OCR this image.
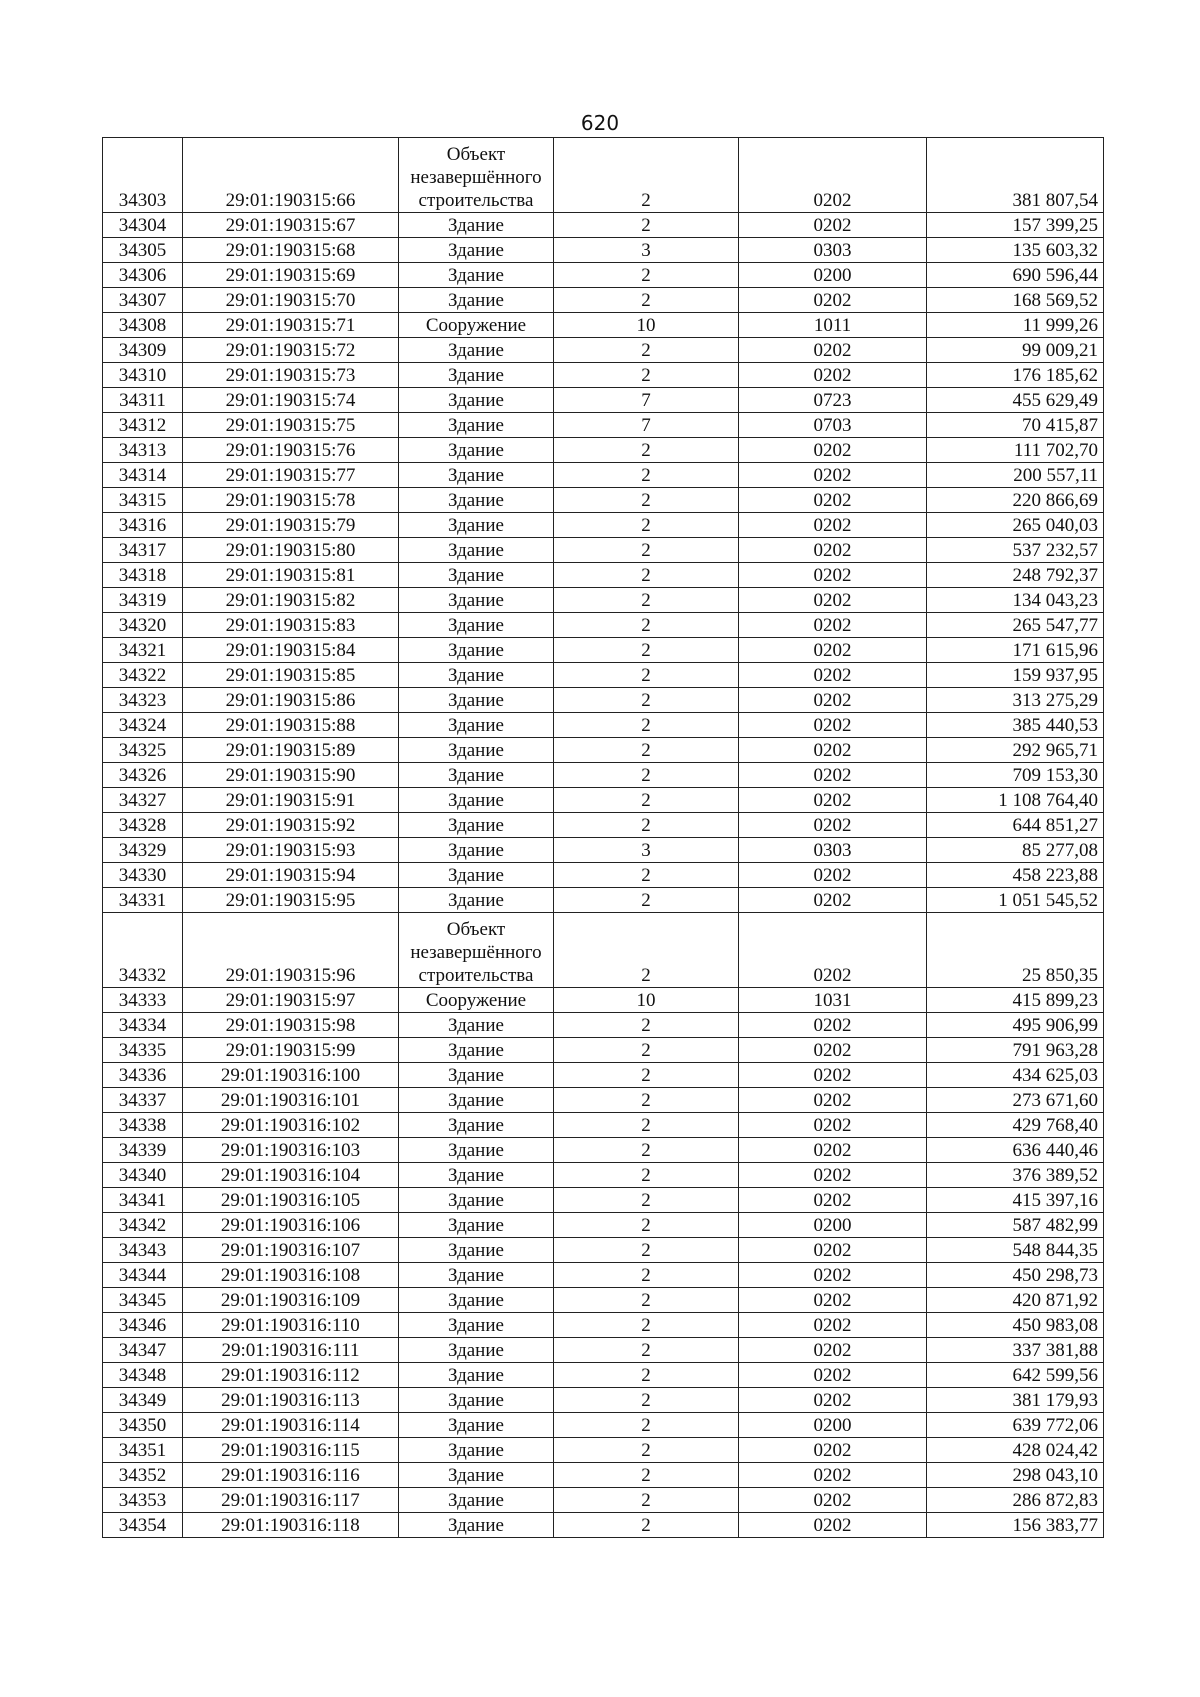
620
34303	29:01:190315:66	Объект незавершённого строительства	2	0202	381 807,54
34304	29:01:190315:67	Здание	2	0202	157 399,25
34305	29:01:190315:68	Здание	3	0303	135 603,32
34306	29:01:190315:69	Здание	2	0200	690 596,44
34307	29:01:190315:70	Здание	2	0202	168 569,52
34308	29:01:190315:71	Сооружение	10	1011	11 999,26
34309	29:01:190315:72	Здание	2	0202	99 009,21
34310	29:01:190315:73	Здание	2	0202	176 185,62
34311	29:01:190315:74	Здание	7	0723	455 629,49
34312	29:01:190315:75	Здание	7	0703	70 415,87
34313	29:01:190315:76	Здание	2	0202	111 702,70
34314	29:01:190315:77	Здание	2	0202	200 557,11
34315	29:01:190315:78	Здание	2	0202	220 866,69
34316	29:01:190315:79	Здание	2	0202	265 040,03
34317	29:01:190315:80	Здание	2	0202	537 232,57
34318	29:01:190315:81	Здание	2	0202	248 792,37
34319	29:01:190315:82	Здание	2	0202	134 043,23
34320	29:01:190315:83	Здание	2	0202	265 547,77
34321	29:01:190315:84	Здание	2	0202	171 615,96
34322	29:01:190315:85	Здание	2	0202	159 937,95
34323	29:01:190315:86	Здание	2	0202	313 275,29
34324	29:01:190315:88	Здание	2	0202	385 440,53
34325	29:01:190315:89	Здание	2	0202	292 965,71
34326	29:01:190315:90	Здание	2	0202	709 153,30
34327	29:01:190315:91	Здание	2	0202	1 108 764,40
34328	29:01:190315:92	Здание	2	0202	644 851,27
34329	29:01:190315:93	Здание	3	0303	85 277,08
34330	29:01:190315:94	Здание	2	0202	458 223,88
34331	29:01:190315:95	Здание	2	0202	1 051 545,52
34332	29:01:190315:96	Объект незавершённого строительства	2	0202	25 850,35
34333	29:01:190315:97	Сооружение	10	1031	415 899,23
34334	29:01:190315:98	Здание	2	0202	495 906,99
34335	29:01:190315:99	Здание	2	0202	791 963,28
34336	29:01:190316:100	Здание	2	0202	434 625,03
34337	29:01:190316:101	Здание	2	0202	273 671,60
34338	29:01:190316:102	Здание	2	0202	429 768,40
34339	29:01:190316:103	Здание	2	0202	636 440,46
34340	29:01:190316:104	Здание	2	0202	376 389,52
34341	29:01:190316:105	Здание	2	0202	415 397,16
34342	29:01:190316:106	Здание	2	0200	587 482,99
34343	29:01:190316:107	Здание	2	0202	548 844,35
34344	29:01:190316:108	Здание	2	0202	450 298,73
34345	29:01:190316:109	Здание	2	0202	420 871,92
34346	29:01:190316:110	Здание	2	0202	450 983,08
34347	29:01:190316:111	Здание	2	0202	337 381,88
34348	29:01:190316:112	Здание	2	0202	642 599,56
34349	29:01:190316:113	Здание	2	0202	381 179,93
34350	29:01:190316:114	Здание	2	0200	639 772,06
34351	29:01:190316:115	Здание	2	0202	428 024,42
34352	29:01:190316:116	Здание	2	0202	298 043,10
34353	29:01:190316:117	Здание	2	0202	286 872,83
34354	29:01:190316:118	Здание	2	0202	156 383,77
